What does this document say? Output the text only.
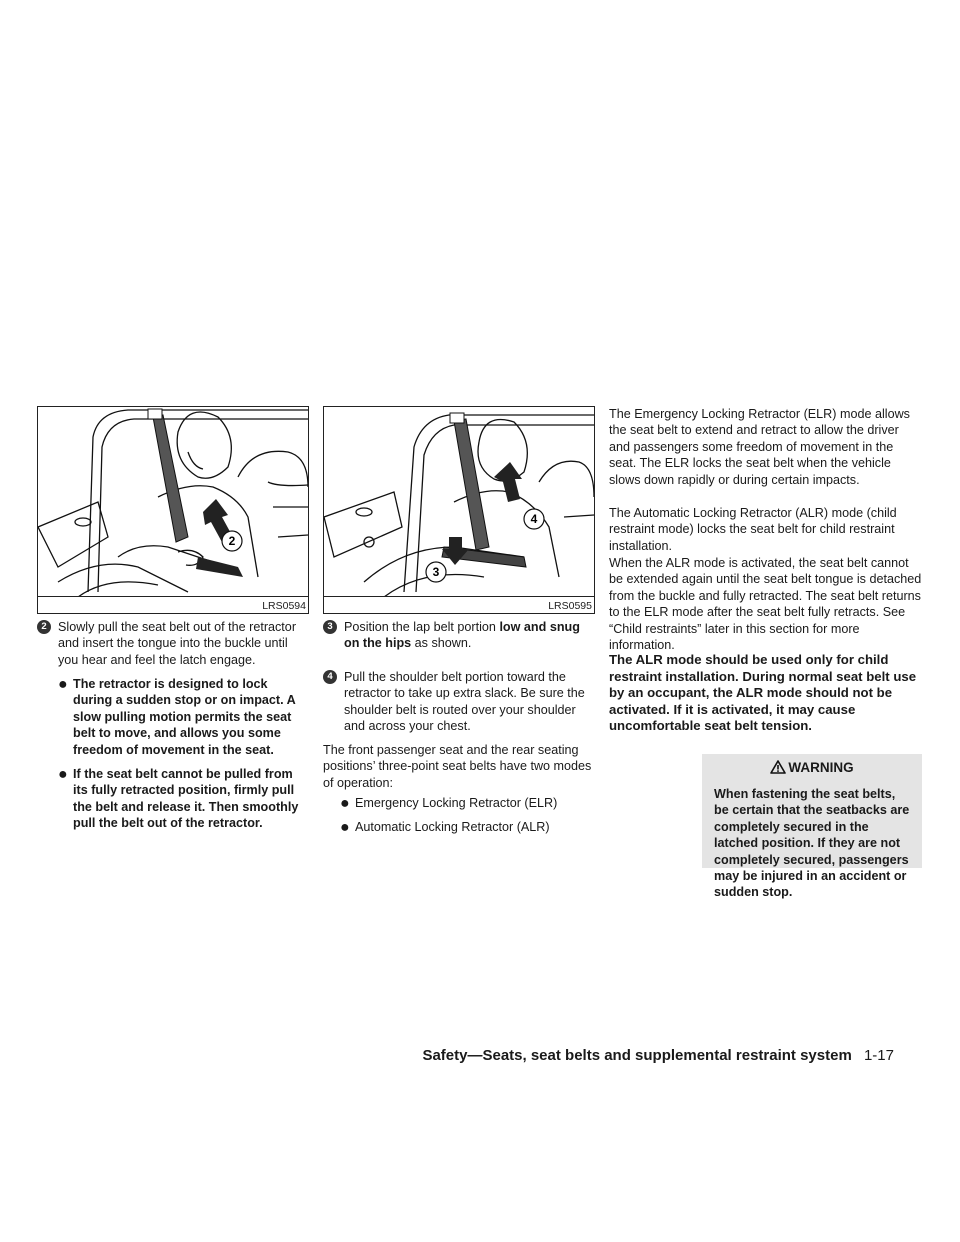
2
LRS0594
4
3
LRS0595
2 Slowly pull the seat belt out of the retractor and insert the tongue into the buckle until you hear and feel the latch engage.

● The retractor is designed to lock during a sudden stop or on impact. A slow pulling motion permits the seat belt to move, and allows you some freedom of movement in the seat.

● If the seat belt cannot be pulled from its fully retracted position, firmly pull the belt and release it. Then smoothly pull the belt out of the retractor.

3 Position the lap belt portion low and snug on the hips as shown.

4 Pull the shoulder belt portion toward the retractor to take up extra slack. Be sure the shoulder belt is routed over your shoulder and across your chest.

The front passenger seat and the rear seating positions’ three-point seat belts have two modes of operation:

● Emergency Locking Retractor (ELR)

● Automatic Locking Retractor (ALR)

The Emergency Locking Retractor (ELR) mode allows the seat belt to extend and retract to allow the driver and passengers some freedom of movement in the seat. The ELR locks the seat belt when the vehicle slows down rapidly or during certain impacts.

The Automatic Locking Retractor (ALR) mode (child restraint mode) locks the seat belt for child restraint installation.

When the ALR mode is activated, the seat belt cannot be extended again until the seat belt tongue is detached from the buckle and fully retracted. The seat belt returns to the ELR mode after the seat belt fully retracts. See “Child restraints” later in this section for more information.

The ALR mode should be used only for child restraint installation. During normal seat belt use by an occupant, the ALR mode should not be activated. If it is activated, it may cause uncomfortable seat belt tension.

WARNING

When fastening the seat belts, be certain that the seatbacks are completely secured in the latched position. If they are not completely secured, passengers may be injured in an accident or sudden stop.

Safety—Seats, seat belts and supplemental restraint system 1-17
